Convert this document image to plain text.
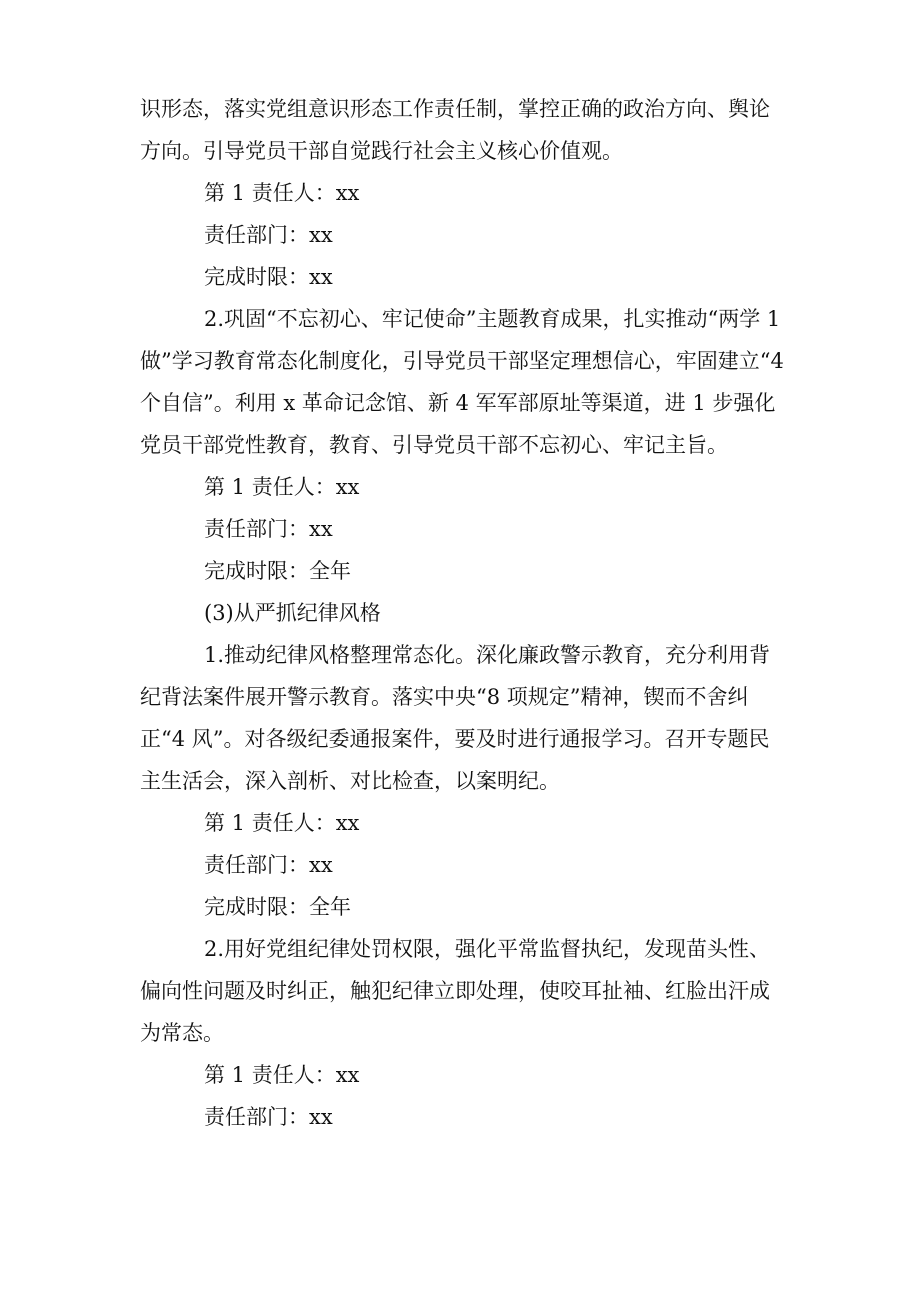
识形态，落实党组意识形态工作责任制，掌控正确的政治方向、舆论方向。引导党员干部自觉践行社会主义核心价值观。

第 1 责任人：xx

责任部门：xx

完成时限：xx

2.巩固“不忘初心、牢记使命”主题教育成果，扎实推动“两学 1 做”学习教育常态化制度化，引导党员干部坚定理想信心，牢固建立“4 个自信”。利用 x 革命记念馆、新 4 军军部原址等渠道，进 1 步强化党员干部党性教育，教育、引导党员干部不忘初心、牢记主旨。

第 1 责任人：xx

责任部门：xx

完成时限：全年

(3)从严抓纪律风格

1.推动纪律风格整理常态化。深化廉政警示教育，充分利用背纪背法案件展开警示教育。落实中央“8 项规定”精神，锲而不舍纠正“4 风”。对各级纪委通报案件，要及时进行通报学习。召开专题民主生活会，深入剖析、对比检查，以案明纪。

第 1 责任人：xx

责任部门：xx

完成时限：全年

2.用好党组纪律处罚权限，强化平常监督执纪，发现苗头性、偏向性问题及时纠正，触犯纪律立即处理，使咬耳扯袖、红脸出汗成为常态。

第 1 责任人：xx

责任部门：xx
